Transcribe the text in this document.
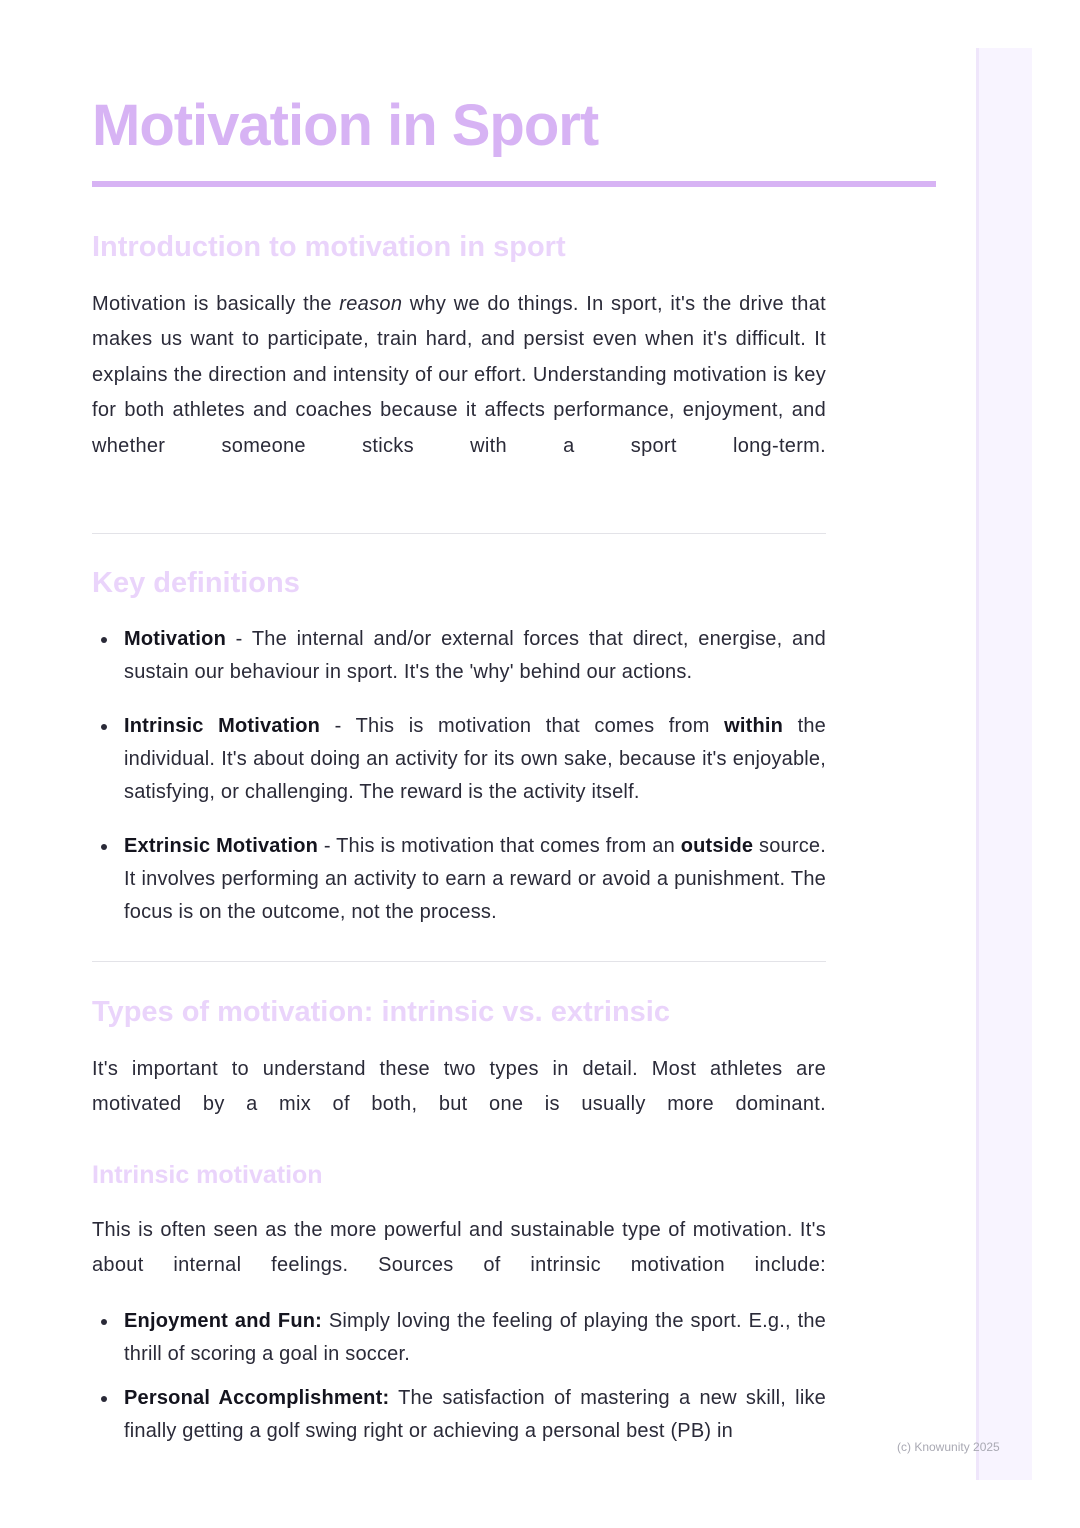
Motivation in Sport
Introduction to motivation in sport

Motivation is basically the reason why we do things. In sport, it's the drive that makes us want to participate, train hard, and persist even when it's difficult. It explains the direction and intensity of our effort. Understanding motivation is key for both athletes and coaches because it affects performance, enjoyment, and whether someone sticks with a sport long-term.

Key definitions
Motivation - The internal and/or external forces that direct, energise, and sustain our behaviour in sport. It's the 'why' behind our actions.
Intrinsic Motivation - This is motivation that comes from within the individual. It's about doing an activity for its own sake, because it's enjoyable, satisfying, or challenging. The reward is the activity itself.
Extrinsic Motivation - This is motivation that comes from an outside source. It involves performing an activity to earn a reward or avoid a punishment. The focus is on the outcome, not the process.
Types of motivation: intrinsic vs. extrinsic

It's important to understand these two types in detail. Most athletes are motivated by a mix of both, but one is usually more dominant.

Intrinsic motivation

This is often seen as the more powerful and sustainable type of motivation. It's about internal feelings. Sources of intrinsic motivation include:

Enjoyment and Fun: Simply loving the feeling of playing the sport. E.g., the thrill of scoring a goal in soccer.
Personal Accomplishment: The satisfaction of mastering a new skill, like finally getting a golf swing right or achieving a personal best (PB) in
(c) Knowunity 2025
